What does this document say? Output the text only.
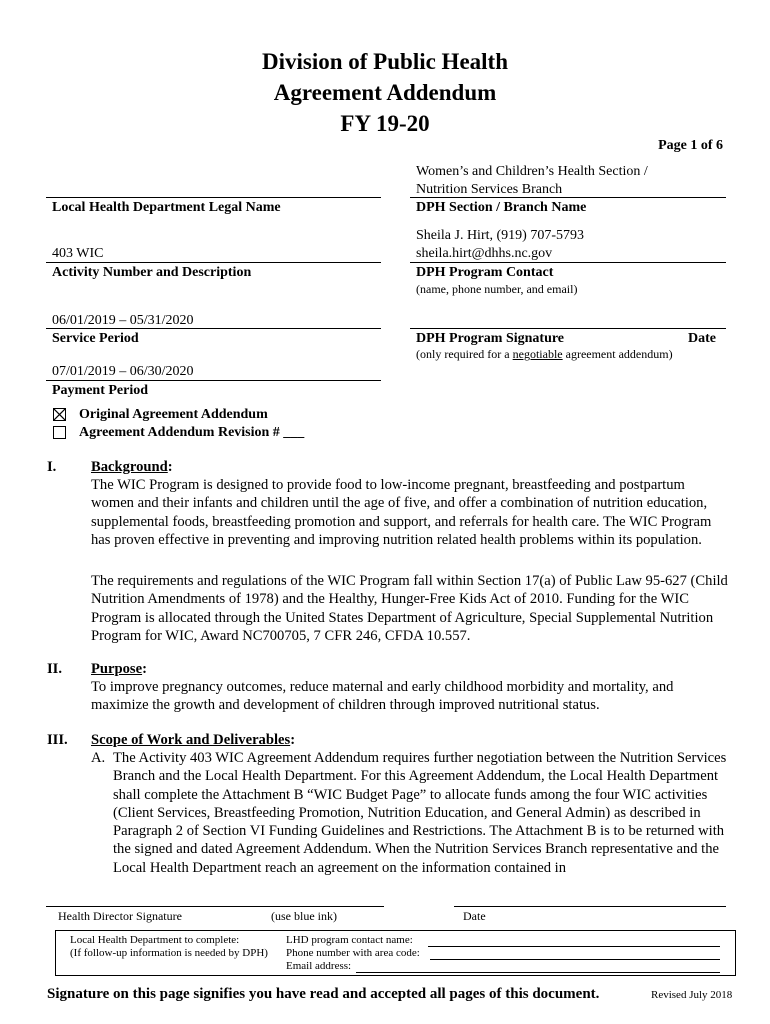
Division of Public Health
Agreement Addendum
FY 19-20
Page 1 of 6
Local Health Department Legal Name
403 WIC
Activity Number and Description
06/01/2019 – 05/31/2020
Service Period
07/01/2019 – 06/30/2020
Payment Period
Original Agreement Addendum
Agreement Addendum Revision # ___
Women’s and Children’s Health Section /
Nutrition Services Branch
DPH Section / Branch Name
Sheila J. Hirt, (919) 707-5793
sheila.hirt@dhhs.nc.gov
DPH Program Contact
(name, phone number, and email)
DPH Program Signature	Date
(only required for a negotiable agreement addendum)
I. Background:
The WIC Program is designed to provide food to low-income pregnant, breastfeeding and postpartum women and their infants and children until the age of five, and offer a combination of nutrition education, supplemental foods, breastfeeding promotion and support, and referrals for health care. The WIC Program has proven effective in preventing and improving nutrition related health problems within its population.
The requirements and regulations of the WIC Program fall within Section 17(a) of Public Law 95-627 (Child Nutrition Amendments of 1978) and the Healthy, Hunger-Free Kids Act of 2010. Funding for the WIC Program is allocated through the United States Department of Agriculture, Special Supplemental Nutrition Program for WIC, Award NC700705, 7 CFR 246, CFDA 10.557.
II. Purpose:
To improve pregnancy outcomes, reduce maternal and early childhood morbidity and mortality, and maximize the growth and development of children through improved nutritional status.
III. Scope of Work and Deliverables:
A. The Activity 403 WIC Agreement Addendum requires further negotiation between the Nutrition Services Branch and the Local Health Department. For this Agreement Addendum, the Local Health Department shall complete the Attachment B “WIC Budget Page” to allocate funds among the four WIC activities (Client Services, Breastfeeding Promotion, Nutrition Education, and General Admin) as described in Paragraph 2 of Section VI Funding Guidelines and Restrictions. The Attachment B is to be returned with the signed and dated Agreement Addendum. When the Nutrition Services Branch representative and the Local Health Department reach an agreement on the information contained in
Health Director Signature	(use blue ink)	Date
Local Health Department to complete:
(If follow-up information is needed by DPH)
LHD program contact name:
Phone number with area code:
Email address:
Signature on this page signifies you have read and accepted all pages of this document.	Revised July 2018
